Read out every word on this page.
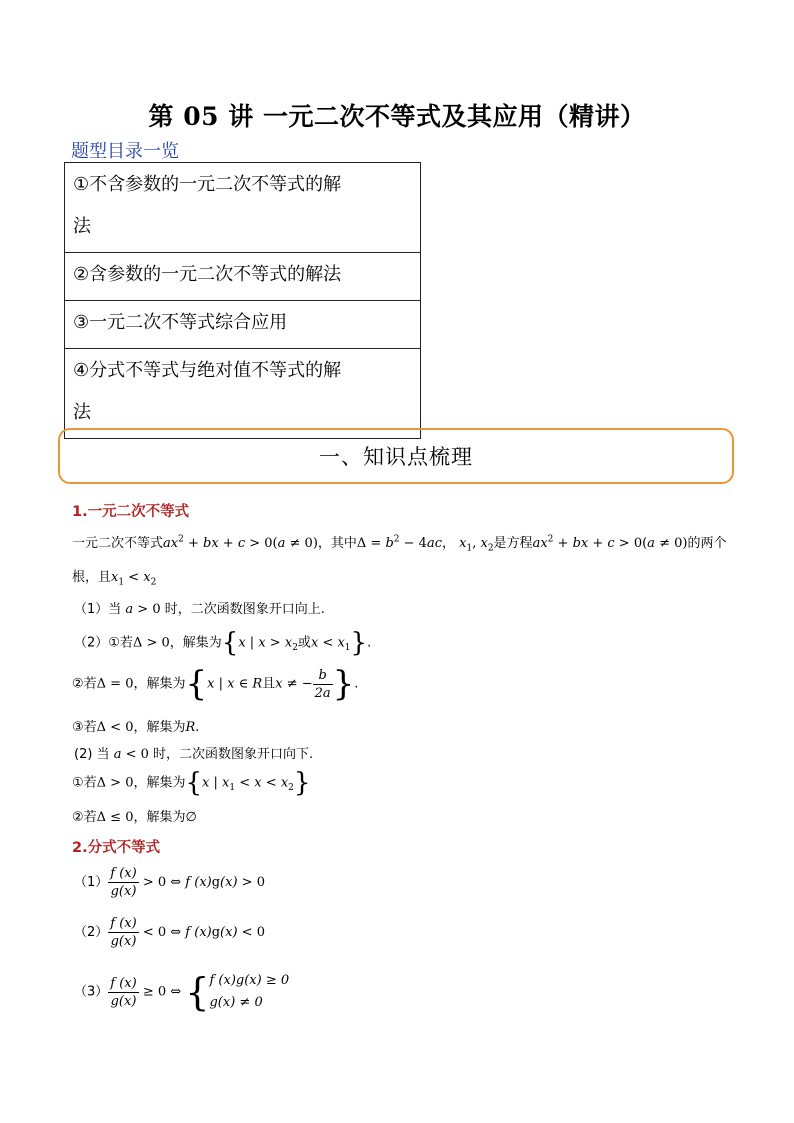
第 05 讲 一元二次不等式及其应用（精讲）
题型目录一览
①不含参数的一元二次不等式的解
法
②含参数的一元二次不等式的解法
③一元二次不等式综合应用
④分式不等式与绝对值不等式的解
法
一、知识点梳理
1.一元二次不等式
一元二次不等式$ax^2$ + bx + c > 0(a ≠ 0)，其中$\Delta = b^2 - 4ac$， $x_1$, $x_2$是方程$ax^2$ + bx + c > 0(a ≠ 0)的两个
根，且$x_1 < x_2$
（1）当 a > 0 时，二次函数图象开口向上.
（2）①若Δ > 0，解集为{x | $x > x_2$或$x < x_1$}.
②若Δ = 0，解集为{x | x ∈ R且x ≠ − $\frac{b}{2a}$ }.
③若Δ < 0，解集为R.
(2) 当 a < 0 时，二次函数图象开口向下.
①若Δ > 0，解集为{x | $x_1 < x < x_2$}
②若Δ ≤ 0，解集为∅
2.分式不等式
$(1) \frac{f (x)}{g(x)} > 0$ ⇔ f (x)g(x) > 0
$(2) \frac{f (x)}{g(x)} < 0$ ⇔ f (x)g(x) < 0
$(3) \frac{f (x)}{g(x)} \ge 0$ ⇔ {f (x)g(x) ≥ 0
g(x) ≠ 0
